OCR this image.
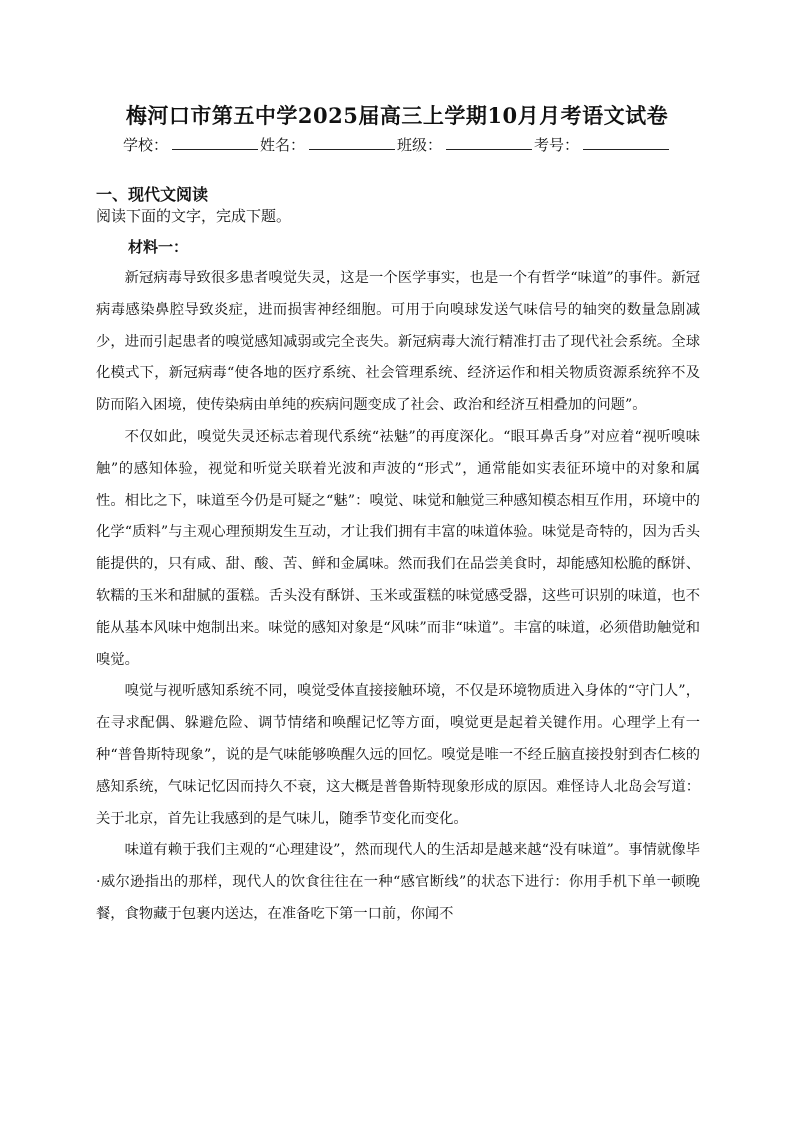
梅河口市第五中学2025届高三上学期10月月考语文试卷
学校：	姓名：	班级：	考号：
一、现代文阅读
阅读下面的文字，完成下题。
材料一：

新冠病毒导致很多患者嗅觉失灵，这是一个医学事实，也是一个有哲学“味道”的事件。新冠病毒感染鼻腔导致炎症，进而损害神经细胞。可用于向嗅球发送气味信号的轴突的数量急剧减少，进而引起患者的嗅觉感知减弱或完全丧失。新冠病毒大流行精准打击了现代社会系统。全球化模式下，新冠病毒“使各地的医疗系统、社会管理系统、经济运作和相关物质资源系统猝不及防而陷入困境，使传染病由单纯的疾病问题变成了社会、政治和经济互相叠加的问题”。

不仅如此，嗅觉失灵还标志着现代系统“祛魅”的再度深化。“眼耳鼻舌身”对应着“视听嗅味触”的感知体验，视觉和听觉关联着光波和声波的“形式”，通常能如实表征环境中的对象和属性。相比之下，味道至今仍是可疑之“魅”：嗅觉、味觉和触觉三种感知模态相互作用，环境中的化学“质料”与主观心理预期发生互动，才让我们拥有丰富的味道体验。味觉是奇特的，因为舌头能提供的，只有咸、甜、酸、苦、鲜和金属味。然而我们在品尝美食时，却能感知松脆的酥饼、软糯的玉米和甜腻的蛋糕。舌头没有酥饼、玉米或蛋糕的味觉感受器，这些可识别的味道，也不能从基本风味中炮制出来。味觉的感知对象是“风味”而非“味道”。丰富的味道，必须借助触觉和嗅觉。

嗅觉与视听感知系统不同，嗅觉受体直接接触环境，不仅是环境物质进入身体的“守门人”，在寻求配偶、躲避危险、调节情绪和唤醒记忆等方面，嗅觉更是起着关键作用。心理学上有一种“普鲁斯特现象”，说的是气味能够唤醒久远的回忆。嗅觉是唯一不经丘脑直接投射到杏仁核的感知系统，气味记忆因而持久不衰，这大概是普鲁斯特现象形成的原因。难怪诗人北岛会写道：关于北京，首先让我感到的是气味儿，随季节变化而变化。

味道有赖于我们主观的“心理建设”，然而现代人的生活却是越来越“没有味道”。事情就像毕·威尔逊指出的那样，现代人的饮食往往在一种“感官断线”的状态下进行：你用手机下单一顿晚餐，食物藏于包裹内送达，在准备吃下第一口前，你闻不
